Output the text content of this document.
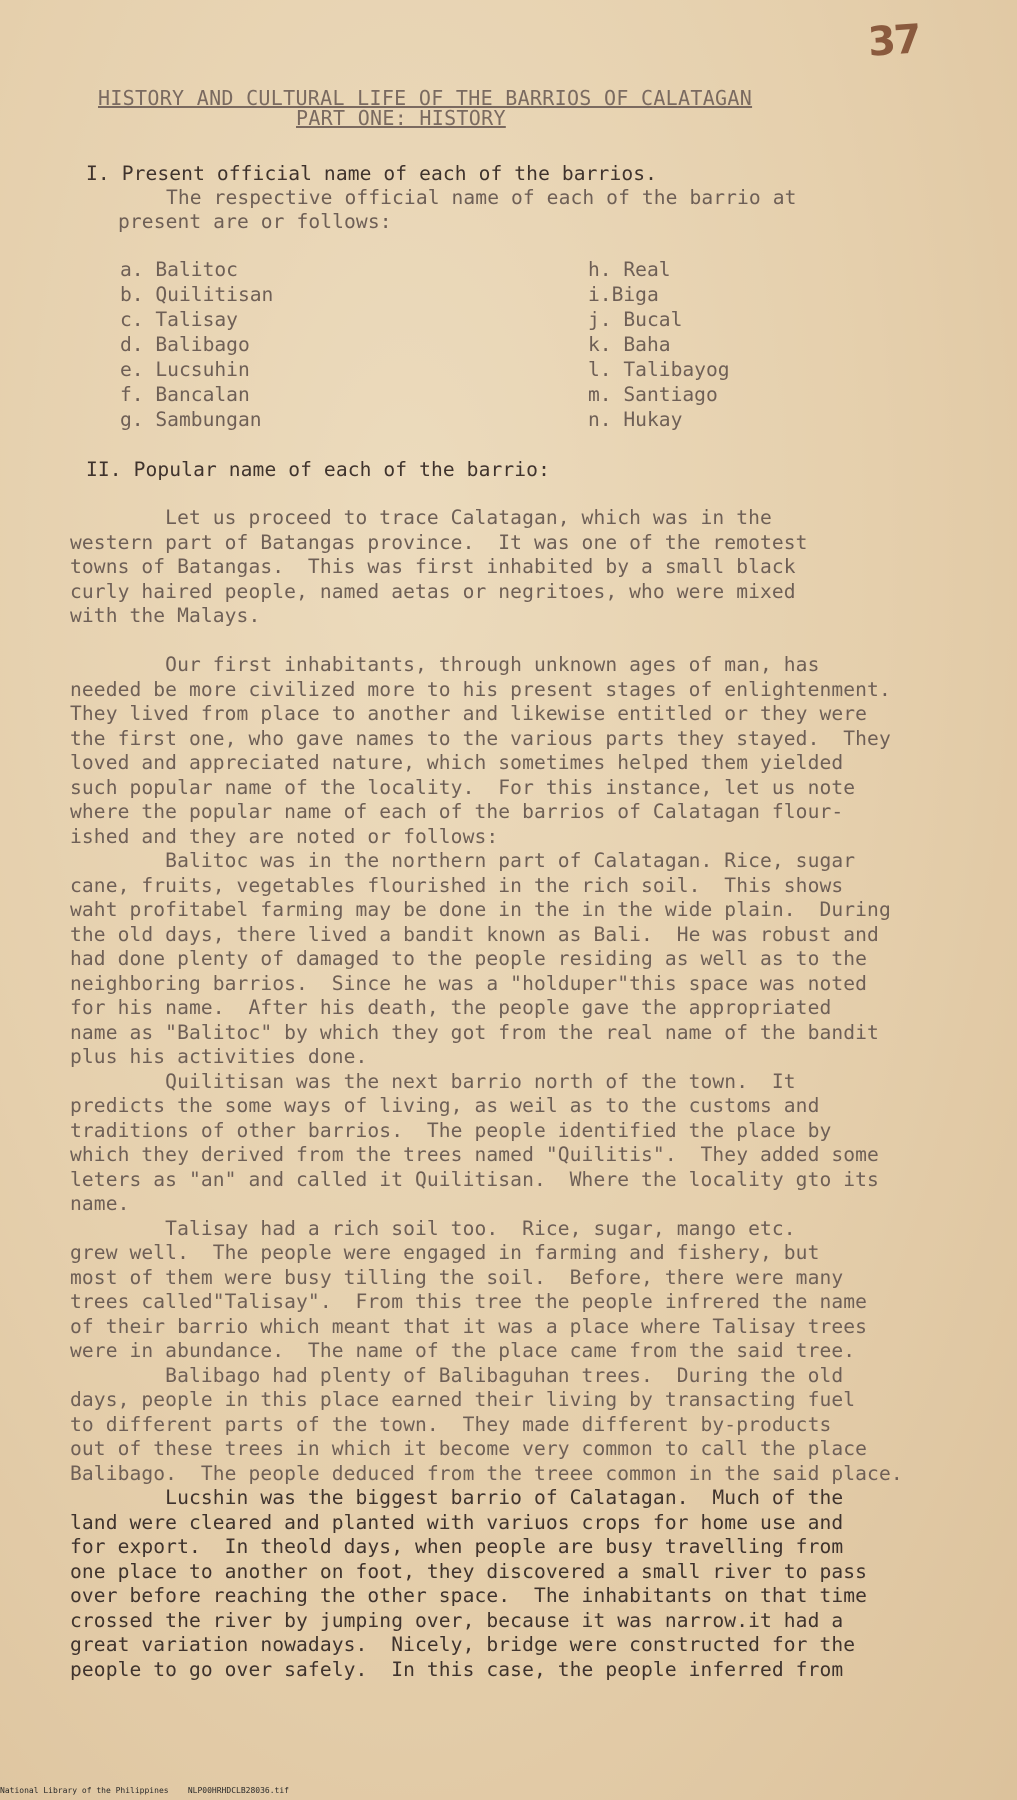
37
HISTORY AND CULTURAL LIFE OF THE BARRIOS OF CALATAGAN
PART ONE: HISTORY
I. Present official name of each of the barrios.
The respective official name of each of the barrio at
present are or follows:
a. Balitoc
b. Quilitisan
c. Talisay
d. Balibago
e. Lucsuhin
f. Bancalan
g. Sambungan
h. Real
i.Biga
j. Bucal
k. Baha
l. Talibayog
m. Santiago
n. Hukay
II. Popular name of each of the barrio:
Let us proceed to trace Calatagan, which was in the
western part of Batangas province.  It was one of the remotest
towns of Batangas.  This was first inhabited by a small black
curly haired people, named aetas or negritoes, who were mixed
with the Malays.
Our first inhabitants, through unknown ages of man, has
needed be more civilized more to his present stages of enlightenment.
They lived from place to another and likewise entitled or they were
the first one, who gave names to the various parts they stayed.  They
loved and appreciated nature, which sometimes helped them yielded
such popular name of the locality.  For this instance, let us note
where the popular name of each of the barrios of Calatagan flour-
ished and they are noted or follows:
Balitoc was in the northern part of Calatagan. Rice, sugar
cane, fruits, vegetables flourished in the rich soil.  This shows
waht profitabel farming may be done in the in the wide plain.  During
the old days, there lived a bandit known as Bali.  He was robust and
had done plenty of damaged to the people residing as well as to the
neighboring barrios.  Since he was a "holduper"this space was noted
for his name.  After his death, the people gave the appropriated
name as "Balitoc" by which they got from the real name of the bandit
plus his activities done.
Quilitisan was the next barrio north of the town.  It
predicts the some ways of living, as weil as to the customs and
traditions of other barrios.  The people identified the place by
which they derived from the trees named "Quilitis".  They added some
leters as "an" and called it Quilitisan.  Where the locality gto its
name.
Talisay had a rich soil too.  Rice, sugar, mango etc.
grew well.  The people were engaged in farming and fishery, but
most of them were busy tilling the soil.  Before, there were many
trees called"Talisay".  From this tree the people infrered the name
of their barrio which meant that it was a place where Talisay trees
were in abundance.  The name of the place came from the said tree.
Balibago had plenty of Balibaguhan trees.  During the old
days, people in this place earned their living by transacting fuel
to different parts of the town.  They made different by-products
out of these trees in which it become very common to call the place
Balibago.  The people deduced from the treee common in the said place.
Lucshin was the biggest barrio of Calatagan.  Much of the
land were cleared and planted with variuos crops for home use and
for export.  In theold days, when people are busy travelling from
one place to another on foot, they discovered a small river to pass
over before reaching the other space.  The inhabitants on that time
crossed the river by jumping over, because it was narrow.it had a
great variation nowadays.  Nicely, bridge were constructed for the
people to go over safely.  In this case, the people inferred from
National Library of the Philippines    NLP00HRHDCLB28036.tif
